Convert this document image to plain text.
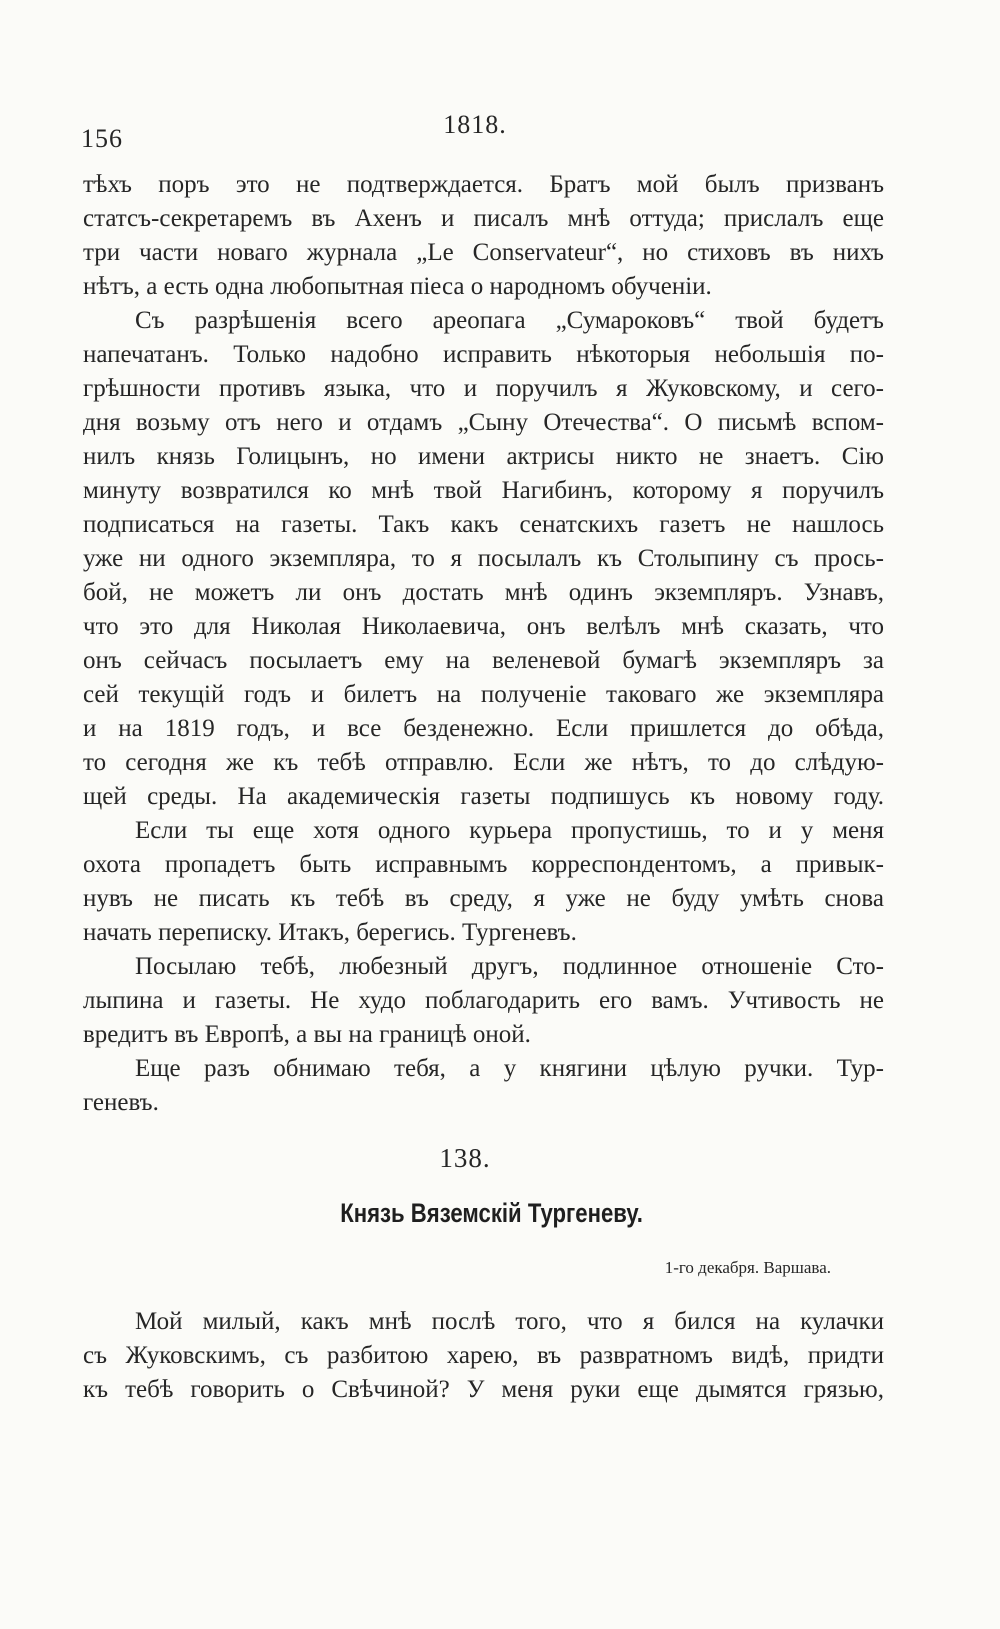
156	1818.
тѣхъ поръ это не подтверждается. Братъ мой былъ призванъ
статсъ-секретаремъ въ Ахенъ и писалъ мнѣ оттуда; прислалъ еще
три части новаго журнала „Le Conservateur“, но стиховъ въ нихъ
нѣтъ, а есть одна любопытная піеса о народномъ обученіи.
Съ разрѣшенія всего ареопага „Сумароковъ“ твой будетъ
напечатанъ. Только надобно исправить нѣкоторыя небольшія по-
грѣшности противъ языка, что и поручилъ я Жуковскому, и сего-
дня возьму отъ него и отдамъ „Сыну Отечества“. О письмѣ вспом-
нилъ князь Голицынъ, но имени актрисы никто не знаетъ. Сію
минуту возвратился ко мнѣ твой Нагибинъ, которому я поручилъ
подписаться на газеты. Такъ какъ сенатскихъ газетъ не нашлось
уже ни одного экземпляра, то я посылалъ къ Столыпину съ прось-
бой, не можетъ ли онъ достать мнѣ одинъ экземпляръ. Узнавъ,
что это для Николая Николаевича, онъ велѣлъ мнѣ сказать, что
онъ сейчасъ посылаетъ ему на веленевой бумагѣ экземпляръ за
сей текущій годъ и билетъ на полученіе таковаго же экземпляра
и на 1819 годъ, и все безденежно. Если пришлется до обѣда,
то сегодня же къ тебѣ отправлю. Если же нѣтъ, то до слѣдую-
щей среды. На академическія газеты подпишусь къ новому году.
Если ты еще хотя одного курьера пропустишь, то и у меня
охота пропадетъ быть исправнымъ корреспондентомъ, а привык-
нувъ не писать къ тебѣ въ среду, я уже не буду умѣть снова
начать переписку. Итакъ, берегись. Тургеневъ.
Посылаю тебѣ, любезный другъ, подлинное отношеніе Сто-
лыпина и газеты. Не худо поблагодарить его вамъ. Учтивость не
вредитъ въ Европѣ, а вы на границѣ оной.
Еще разъ обнимаю тебя, а у княгини цѣлую ручки. Тур-
геневъ.
138.
Князь Вяземскій Тургеневу.
1-го декабря. Варшава.
Мой милый, какъ мнѣ послѣ того, что я бился на кулачки
съ Жуковскимъ, съ разбитою харею, въ развратномъ видѣ, придти
къ тебѣ говорить о Свѣчиной? У меня руки еще дымятся грязью,
